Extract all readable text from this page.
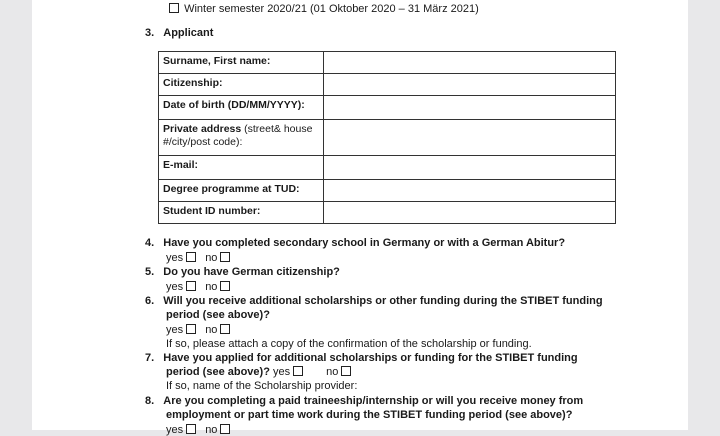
Winter semester 2020/21 (01 Oktober 2020 – 31 März 2021)
3. Applicant
Surname, First name:	
Citizenship:	
Date of birth (DD/MM/YYYY):	
Private address (street& house #/city/post code):	
E-mail:	
Degree programme at TUD:	
Student ID number:	
4. Have you completed secondary school in Germany or with a German Abitur?
yes no
5. Do you have German citizenship?
yes no
6. Will you receive additional scholarships or other funding during the STIBET funding
period (see above)?
yes no
If so, please attach a copy of the confirmation of the scholarship or funding.
7. Have you applied for additional scholarships or funding for the STIBET funding
period (see above)? yes	no
If so, name of the Scholarship provider:
8. Are you completing a paid traineeship/internship or will you receive money from
employment or part time work during the STIBET funding period (see above)?
yes no
